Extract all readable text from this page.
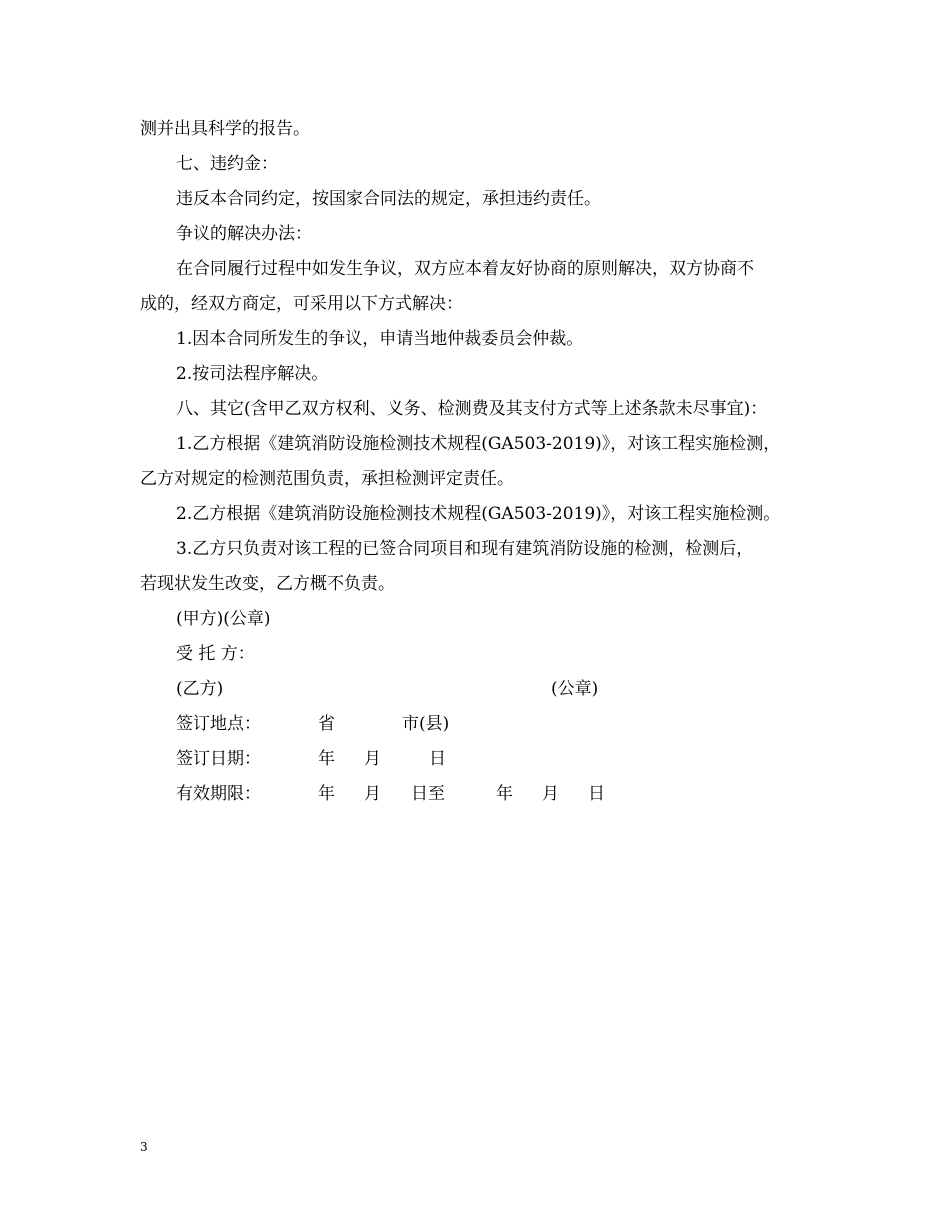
测并出具科学的报告。
七、违约金：
违反本合同约定，按国家合同法的规定，承担违约责任。
争议的解决办法：
在合同履行过程中如发生争议，双方应本着友好协商的原则解决，双方协商不
成的，经双方商定，可采用以下方式解决：
1.因本合同所发生的争议，申请当地仲裁委员会仲裁。
2.按司法程序解决。
八、其它(含甲乙双方权利、义务、检测费及其支付方式等上述条款未尽事宜)：
1.乙方根据《建筑消防设施检测技术规程(GA503-2019)》，对该工程实施检测，
乙方对规定的检测范围负责，承担检测评定责任。
2.乙方根据《建筑消防设施检测技术规程(GA503-2019)》，对该工程实施检测。
3.乙方只负责对该工程的已签合同项目和现有建筑消防设施的检测，检测后，
若现状发生改变，乙方概不负责。
(甲方)(公章)
受 托 方：
(乙方)	(公章)
签订地点：	省	市(县)
签订日期：	年 月	日
有效期限：	年 月 日至	年 月 日
3
